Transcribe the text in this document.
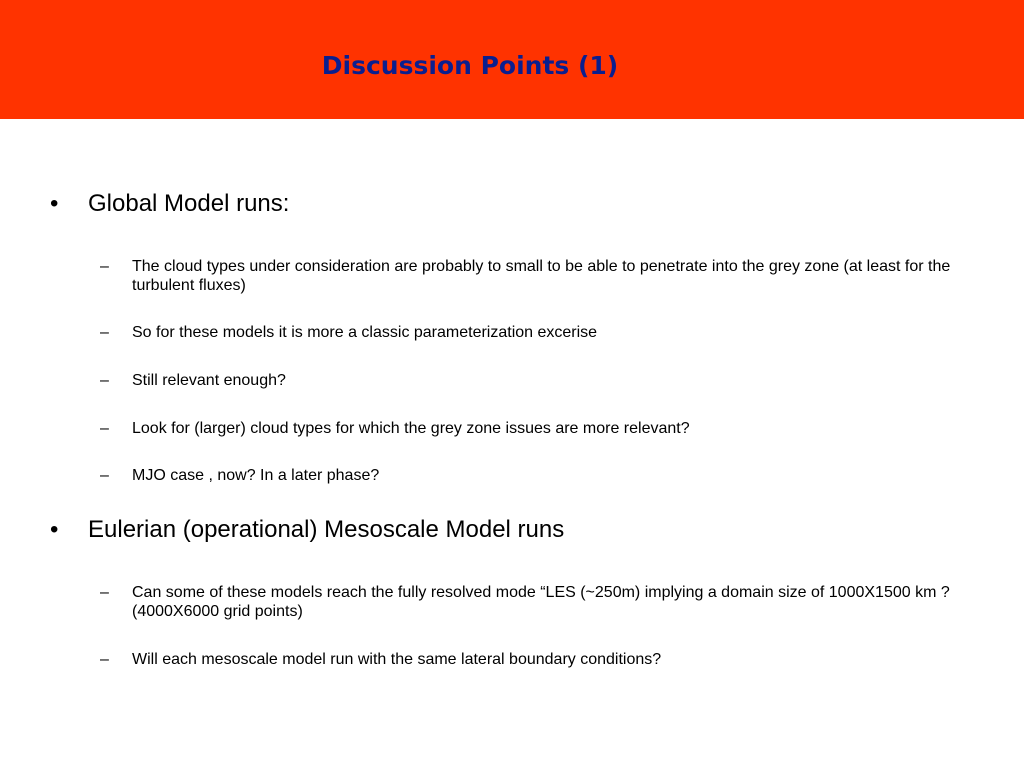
Discussion Points (1)
• Global Model runs:
– The cloud types under consideration are probably to small to be able to penetrate into the grey zone (at least for the turbulent fluxes)
– So for these models it is more a classic parameterization excerise
– Still relevant enough?
– Look for (larger) cloud types for which the grey zone issues are more relevant?
– MJO case , now? In a later phase?
• Eulerian (operational) Mesoscale Model runs
– Can some of these models reach the fully resolved mode “LES (~250m) implying a domain size of 1000X1500 km ? (4000X6000 grid points)
– Will each mesoscale model run with the same lateral boundary conditions?
